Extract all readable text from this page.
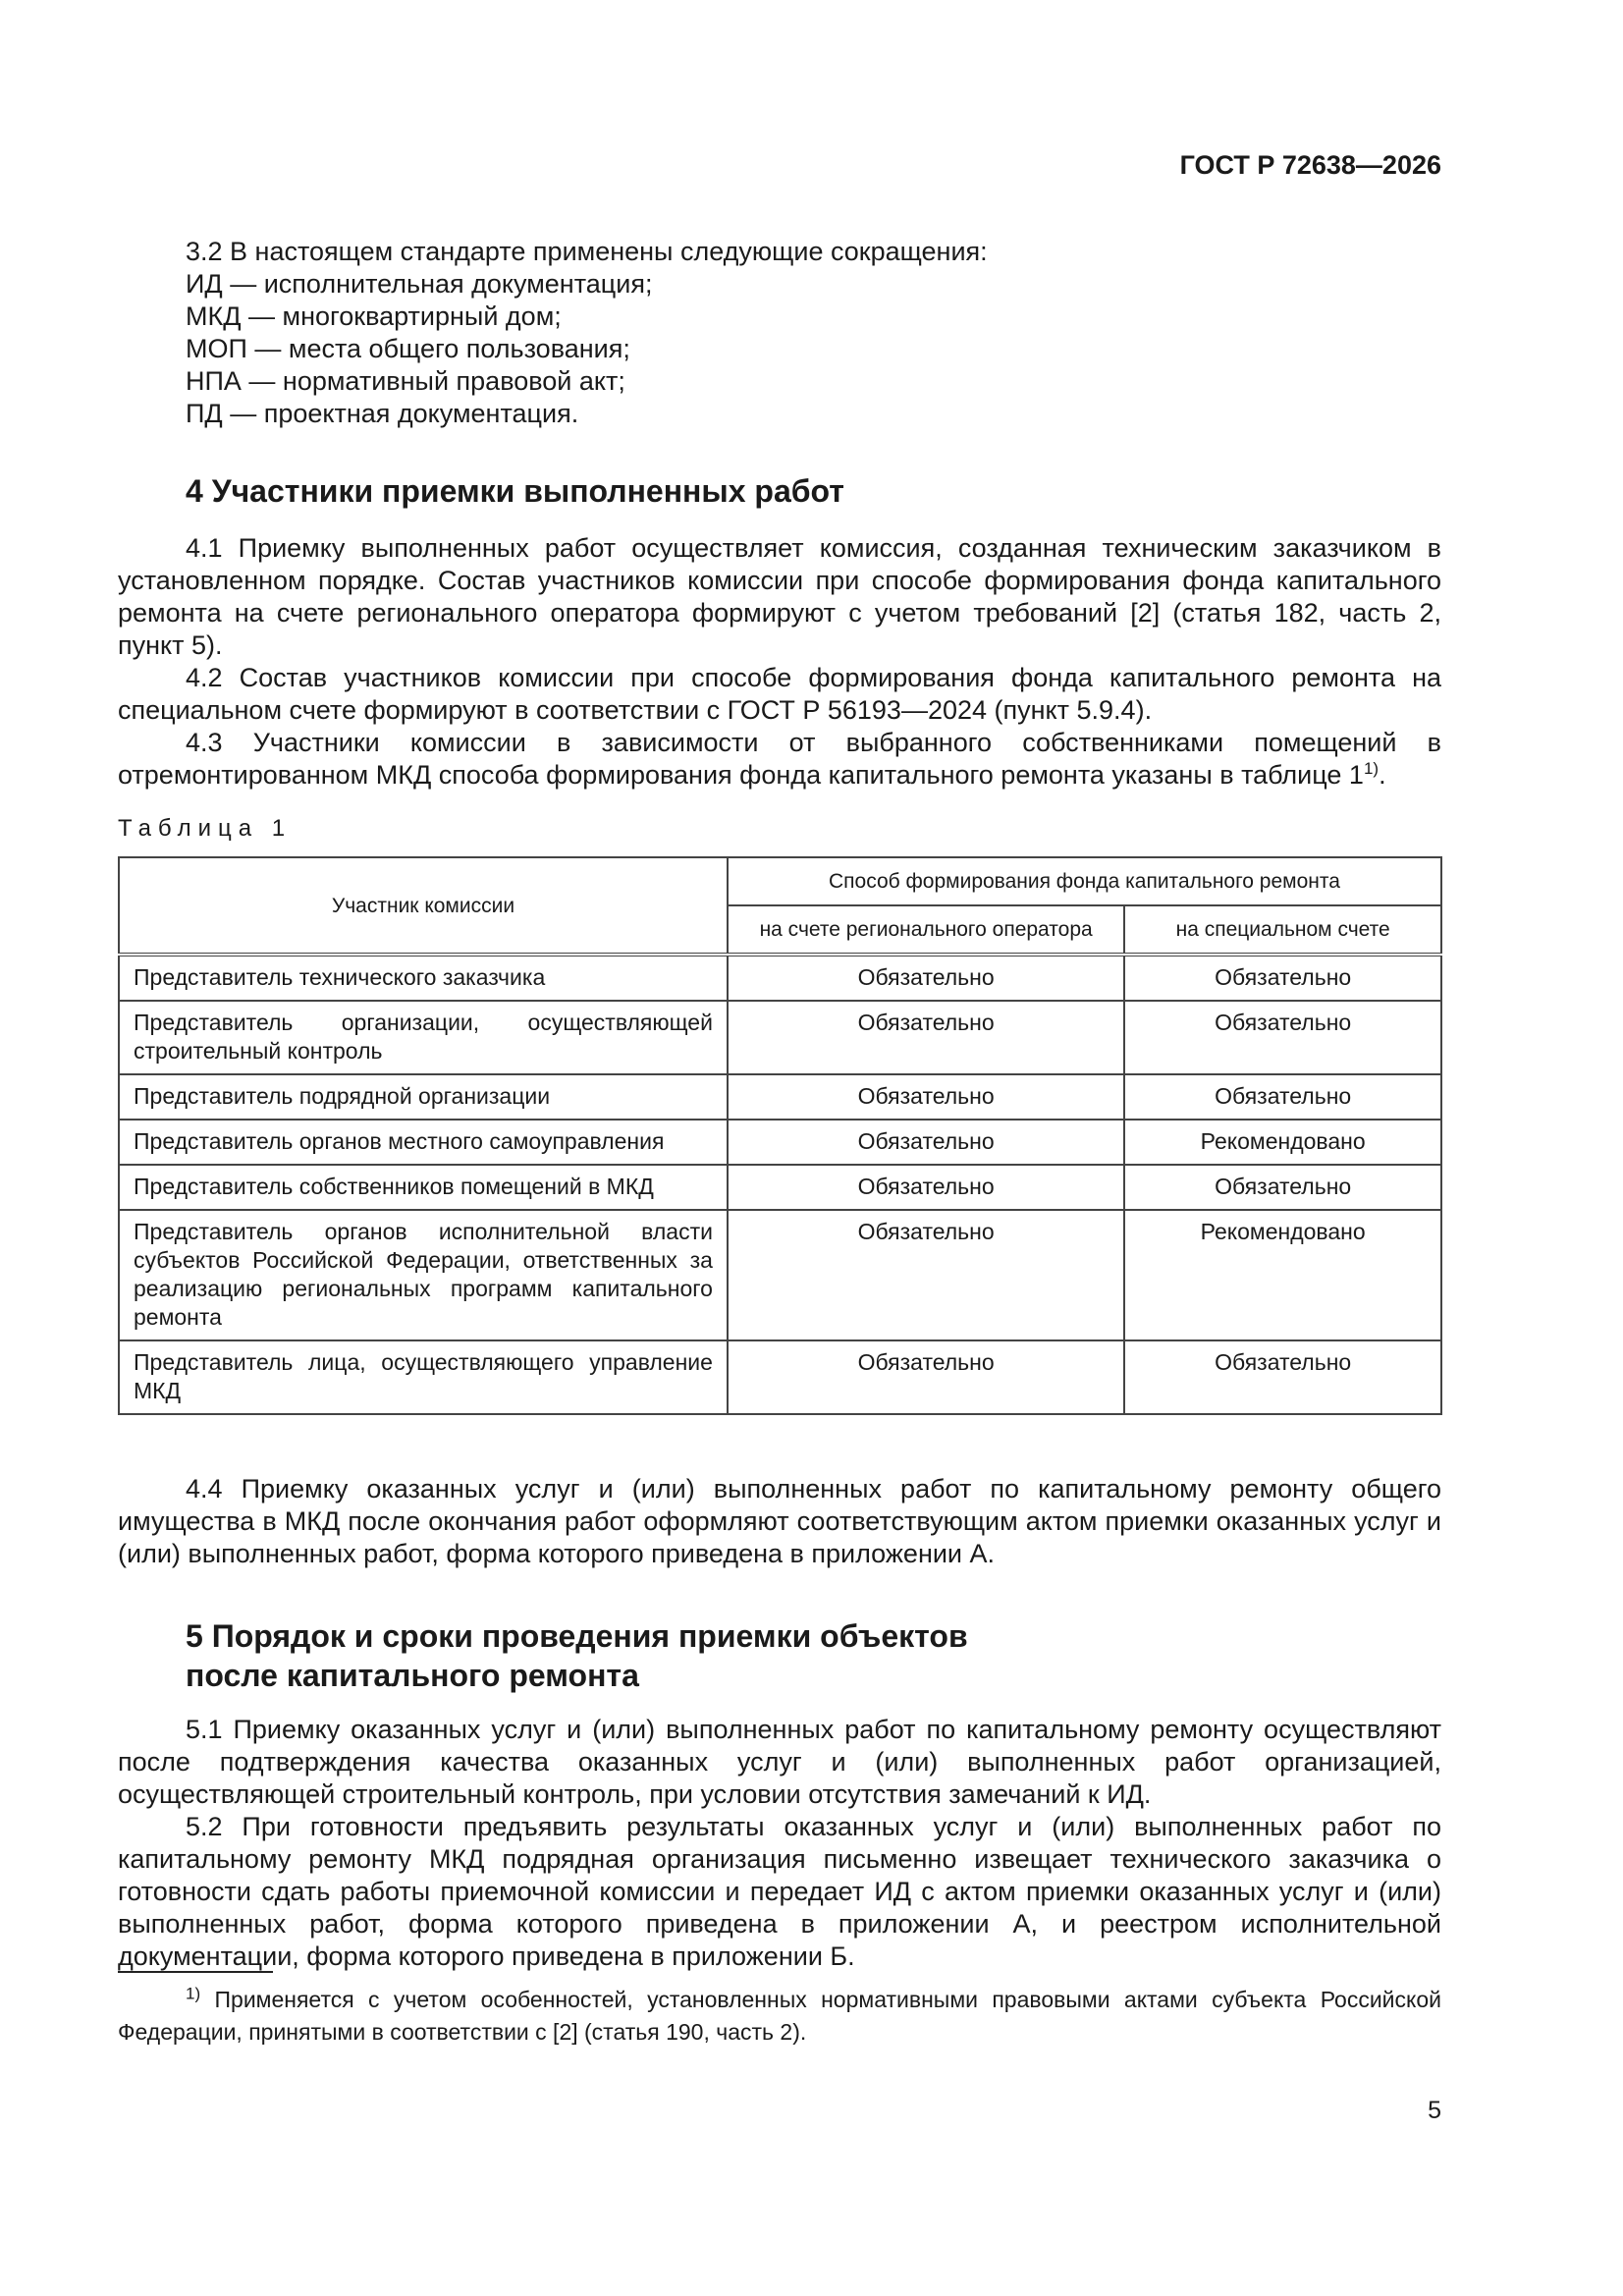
ГОСТ Р 72638—2026

3.2 В настоящем стандарте применены следующие сокращения:

ИД — исполнительная документация;

МКД — многоквартирный дом;

МОП — места общего пользования;

НПА — нормативный правовой акт;

ПД — проектная документация.

4 Участники приемки выполненных работ

4.1 Приемку выполненных работ осуществляет комиссия, созданная техническим заказчиком в установленном порядке. Состав участников комиссии при способе формирования фонда капитального ремонта на счете регионального оператора формируют с учетом требований [2] (статья 182, часть 2, пункт 5).

4.2 Состав участников комиссии при способе формирования фонда капитального ремонта на специальном счете формируют в соответствии с ГОСТ Р 56193—2024 (пункт 5.9.4).

4.3 Участники комиссии в зависимости от выбранного собственниками помещений в отремонтированном МКД способа формирования фонда капитального ремонта указаны в таблице 1$^{1)}$.

Таблица 1
Участник комиссии	Способ формирования фонда капитального ремонта	
	на счете регионального оператора	на специальном счете
Представитель технического заказчика	Обязательно	Обязательно
Представитель организации, осуществляющей строительный контроль	Обязательно	Обязательно
Представитель подрядной организации	Обязательно	Обязательно
Представитель органов местного самоуправления	Обязательно	Рекомендовано
Представитель собственников помещений в МКД	Обязательно	Обязательно
Представитель органов исполнительной власти субъектов Российской Федерации, ответственных за реализацию региональных программ капитального ремонта	Обязательно	Рекомендовано
Представитель лица, осуществляющего управление МКД	Обязательно	Обязательно

4.4 Приемку оказанных услуг и (или) выполненных работ по капитальному ремонту общего имущества в МКД после окончания работ оформляют соответствующим актом приемки оказанных услуг и (или) выполненных работ, форма которого приведена в приложении А.

5 Порядок и сроки проведения приемки объектов
после капитального ремонта

5.1 Приемку оказанных услуг и (или) выполненных работ по капитальному ремонту осуществляют после подтверждения качества оказанных услуг и (или) выполненных работ организацией, осуществляющей строительный контроль, при условии отсутствия замечаний к ИД.

5.2 При готовности предъявить результаты оказанных услуг и (или) выполненных работ по капитальному ремонту МКД подрядная организация письменно извещает технического заказчика о готовности сдать работы приемочной комиссии и передает ИД с актом приемки оказанных услуг и (или) выполненных работ, форма которого приведена в приложении А, и реестром исполнительной документации, форма которого приведена в приложении Б.

$^{1)}$ Применяется с учетом особенностей, установленных нормативными правовыми актами субъекта Российской Федерации, принятыми в соответствии с [2] (статья 190, часть 2).

5
